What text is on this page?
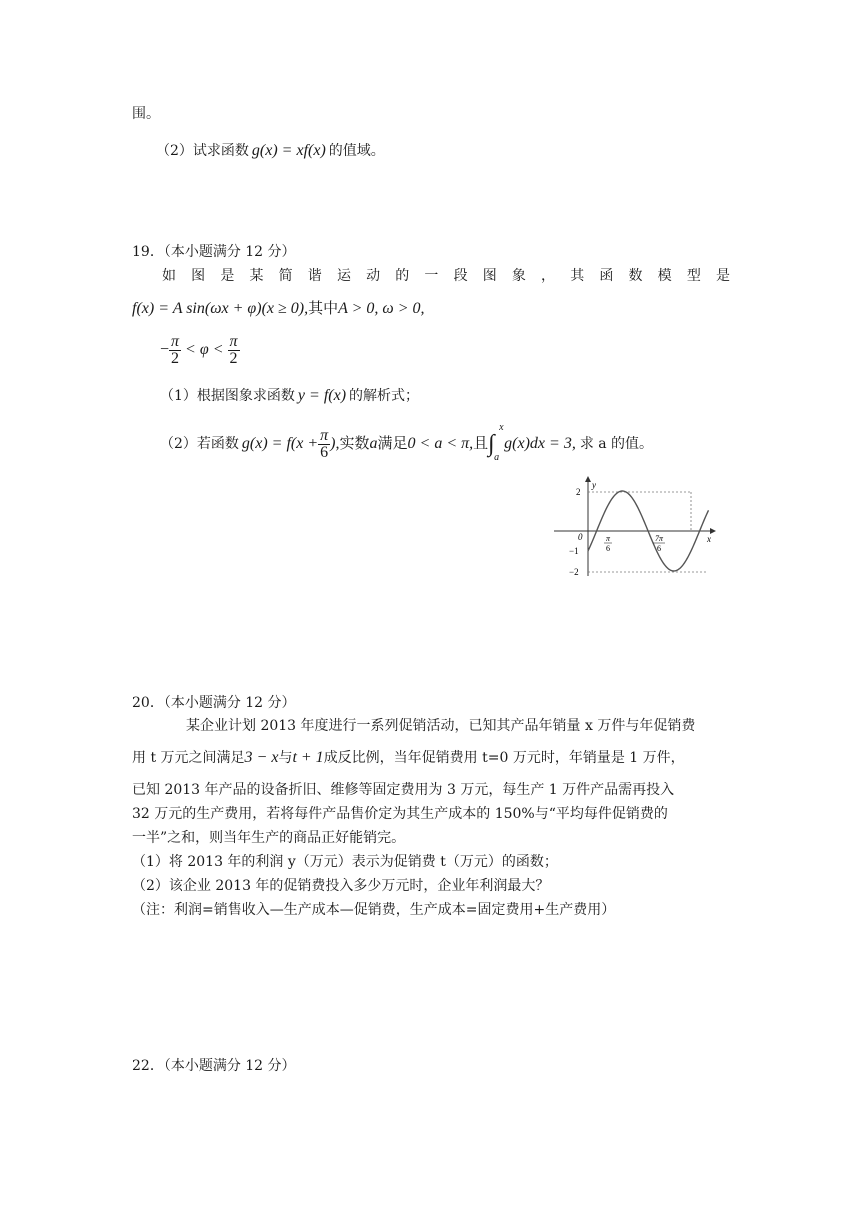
围。
（2）试求函数 g(x) = xf(x) 的值域。
19．（本小题满分 12 分）
如 图 是 某 简 谐 运 动 的 一 段 图 象 ， 其 函 数 模 型 是
f(x) = A sin(ωx + φ)(x ≥ 0),其中A > 0, ω > 0,
− $\frac{\pi}{2} < \varphi < \frac{\pi}{2}$
（1）根据图象求函数 y = f(x) 的解析式；
（2）若函数 $g(x) = f(x + \frac{\pi}{6}$ ),实数a满足0 < a < π,且∫
x
a
g(x)dx = 3, 求 a 的值。
y
x
0
2
−1
−2
π
6
7π
6
20．（本小题满分 12 分）
某企业计划 2013 年度进行一系列促销活动，已知其产品年销量 x 万件与年促销费
用 t 万元之间满足3 − x与t + 1成反比例，当年促销费用 t=0 万元时，年销量是 1 万件，
已知 2013 年产品的设备折旧、维修等固定费用为 3 万元，每生产 1 万件产品需再投入
32 万元的生产费用，若将每件产品售价定为其生产成本的 150%与“平均每件促销费的
一半”之和，则当年生产的商品正好能销完。
（1）将 2013 年的利润 y（万元）表示为促销费 t（万元）的函数；
（2）该企业 2013 年的促销费投入多少万元时，企业年利润最大？
（注：利润=销售收入—生产成本—促销费，生产成本=固定费用+生产费用）
22．（本小题满分 12 分）
